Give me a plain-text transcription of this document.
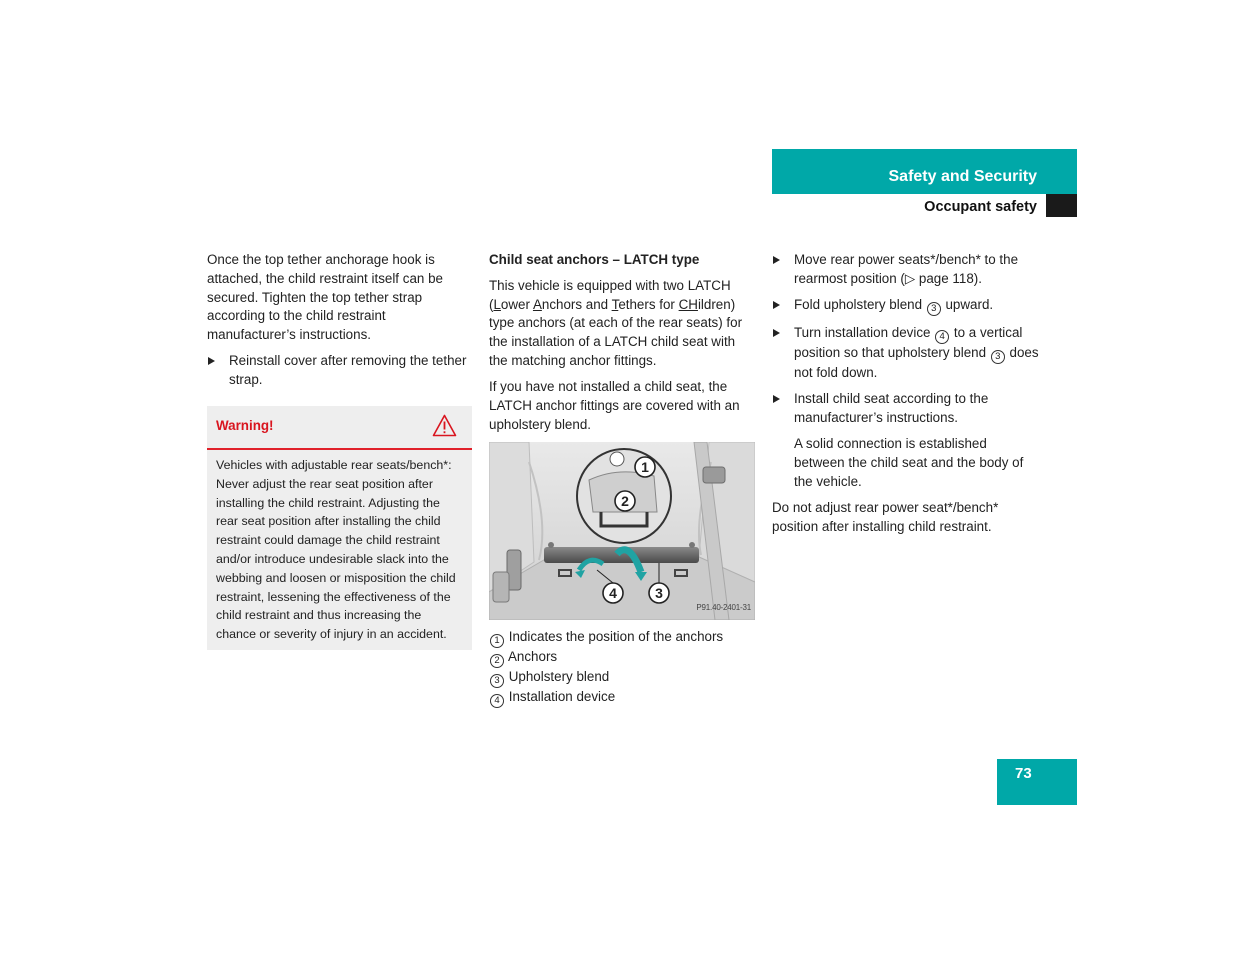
Safety and Security
Occupant safety

Once the top tether anchorage hook is attached, the child restraint itself can be secured. Tighten the top tether strap according to the child restraint manufacturer’s instructions.

Reinstall cover after removing the tether strap.
Warning!
Vehicles with adjustable rear seats/bench*: Never adjust the rear seat position after installing the child restraint. Adjusting the rear seat position after installing the child restraint could damage the child restraint and/or introduce undesirable slack into the webbing and loosen or misposition the child restraint, lessening the effectiveness of the child restraint and thus increasing the chance or severity of injury in an accident.
Child seat anchors – LATCH type

This vehicle is equipped with two LATCH (Lower Anchors and Tethers for CHildren) type anchors (at each of the rear seats) for the installation of a LATCH child seat with the matching anchor fittings.

If you have not installed a child seat, the LATCH anchor fittings are covered with an upholstery blend.

1
2
4	3
P91.40-2401-31
1 Indicates the position of the anchors
2 Anchors
3 Upholstery blend
4 Installation device
Move rear power seats*/bench* to the rearmost position (▷ page 118).
Fold upholstery blend 3 upward.
Turn installation device 4 to a vertical position so that upholstery blend 3 does not fold down.
Install child seat according to the manufacturer’s instructions.

A solid connection is established between the child seat and the body of the vehicle.

Do not adjust rear power seat*/bench* position after installing child restraint.

73
